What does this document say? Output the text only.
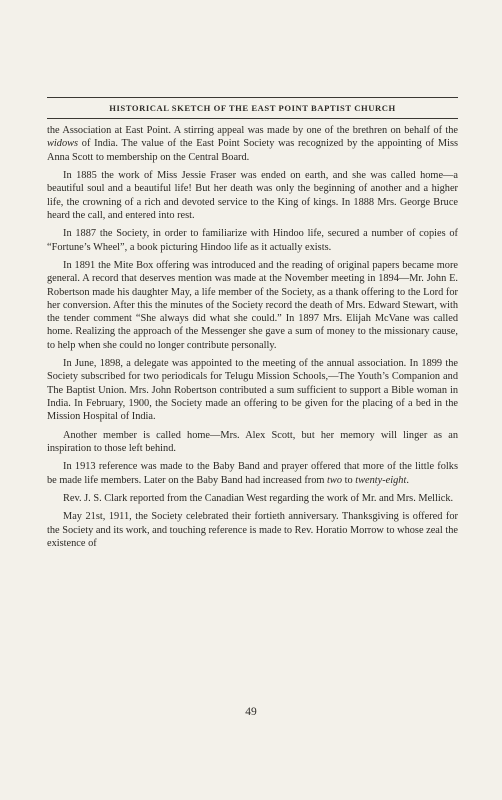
HISTORICAL SKETCH OF THE EAST POINT BAPTIST CHURCH

the Association at East Point. A stirring appeal was made by one of the brethren on behalf of the widows of India. The value of the East Point Society was recognized by the appointing of Miss Anna Scott to membership on the Central Board.

In 1885 the work of Miss Jessie Fraser was ended on earth, and she was called home—a beautiful soul and a beautiful life! But her death was only the beginning of another and a higher life, the crowning of a rich and devoted service to the King of kings. In 1888 Mrs. George Bruce heard the call, and entered into rest.

In 1887 the Society, in order to familiarize with Hindoo life, secured a number of copies of “Fortune’s Wheel”, a book picturing Hindoo life as it actually exists.

In 1891 the Mite Box offering was introduced and the reading of original papers became more general. A record that deserves mention was made at the November meeting in 1894—Mr. John E. Robertson made his daughter May, a life member of the Society, as a thank offering to the Lord for her conversion. After this the minutes of the Society record the death of Mrs. Edward Stewart, with the tender comment “She always did what she could.” In 1897 Mrs. Elijah McVane was called home. Realizing the approach of the Messenger she gave a sum of money to the missionary cause, to help when she could no longer contribute personally.

In June, 1898, a delegate was appointed to the meeting of the annual association. In 1899 the Society subscribed for two periodicals for Telugu Mission Schools,—The Youth’s Companion and The Baptist Union. Mrs. John Robertson contributed a sum sufficient to support a Bible woman in India. In February, 1900, the Society made an offering to be given for the placing of a bed in the Mission Hospital of India.

Another member is called home—Mrs. Alex Scott, but her memory will linger as an inspiration to those left behind.

In 1913 reference was made to the Baby Band and prayer offered that more of the little folks be made life members. Later on the Baby Band had increased from two to twenty-eight.

Rev. J. S. Clark reported from the Canadian West regarding the work of Mr. and Mrs. Mellick.

May 21st, 1911, the Society celebrated their fortieth anniversary. Thanksgiving is offered for the Society and its work, and touching reference is made to Rev. Horatio Morrow to whose zeal the existence of

49
